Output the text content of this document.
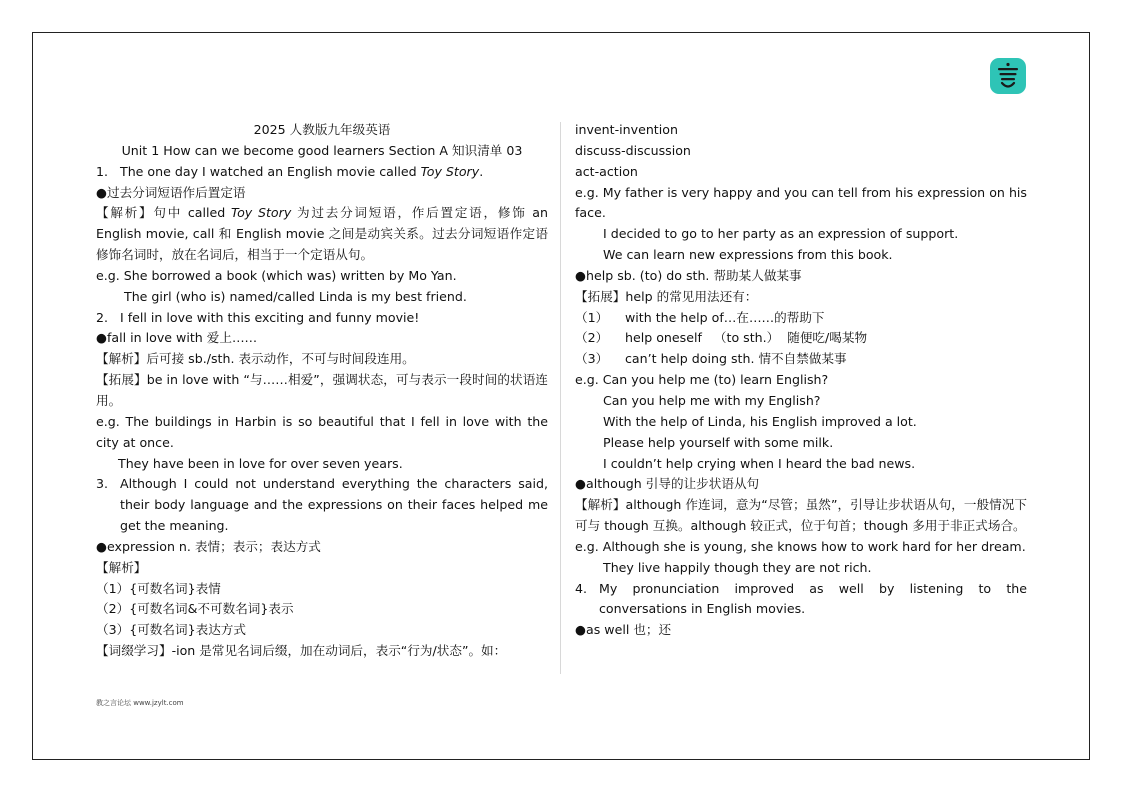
2025 人教版九年级英语

Unit 1 How can we become good learners Section A 知识清单 03

1. The one day I watched an English movie called Toy Story.

●过去分词短语作后置定语

【解析】句中 called Toy Story 为过去分词短语，作后置定语，修饰 an English movie, call 和 English movie 之间是动宾关系。过去分词短语作定语修饰名词时，放在名词后，相当于一个定语从句。

e.g. She borrowed a book (which was) written by Mo Yan.

The girl (who is) named/called Linda is my best friend.

2. I fell in love with this exciting and funny movie!

●fall in love with 爱上……

【解析】后可接 sb./sth. 表示动作，不可与时间段连用。

【拓展】be in love with “与……相爱”，强调状态，可与表示一段时间的状语连用。

e.g. The buildings in Harbin is so beautiful that I fell in love with the city at once.

They have been in love for over seven years.

3. Although I could not understand everything the characters said, their body language and the expressions on their faces helped me get the meaning.

●expression n. 表情；表示；表达方式

【解析】

（1）{可数名词}表情

（2）{可数名词&不可数名词}表示

（3）{可数名词}表达方式

【词缀学习】-ion 是常见名词后缀，加在动词后，表示“行为/状态”。如：

invent-invention

discuss-discussion

act-action

e.g. My father is very happy and you can tell from his expression on his face.

I decided to go to her party as an expression of support.

We can learn new expressions from this book.

●help sb. (to) do sth. 帮助某人做某事

【拓展】help 的常见用法还有：

（1）	with the help of…在……的帮助下
（2）	help oneself   （to sth.）  随便吃/喝某物
（3）	can’t help doing sth. 情不自禁做某事

e.g. Can you help me (to) learn English?

Can you help me with my English?

With the help of Linda, his English improved a lot.

Please help yourself with some milk.

I couldn’t help crying when I heard the bad news.

●although 引导的让步状语从句

【解析】although 作连词，意为“尽管；虽然”，引导让步状语从句，一般情况下可与 though 互换。although 较正式，位于句首；though 多用于非正式场合。

e.g. Although she is young, she knows how to work hard for her dream.

They live happily though they are not rich.

4. My pronunciation improved as well by listening to the conversations in English movies.

●as well 也；还

教之言论坛 www.jzylt.com
